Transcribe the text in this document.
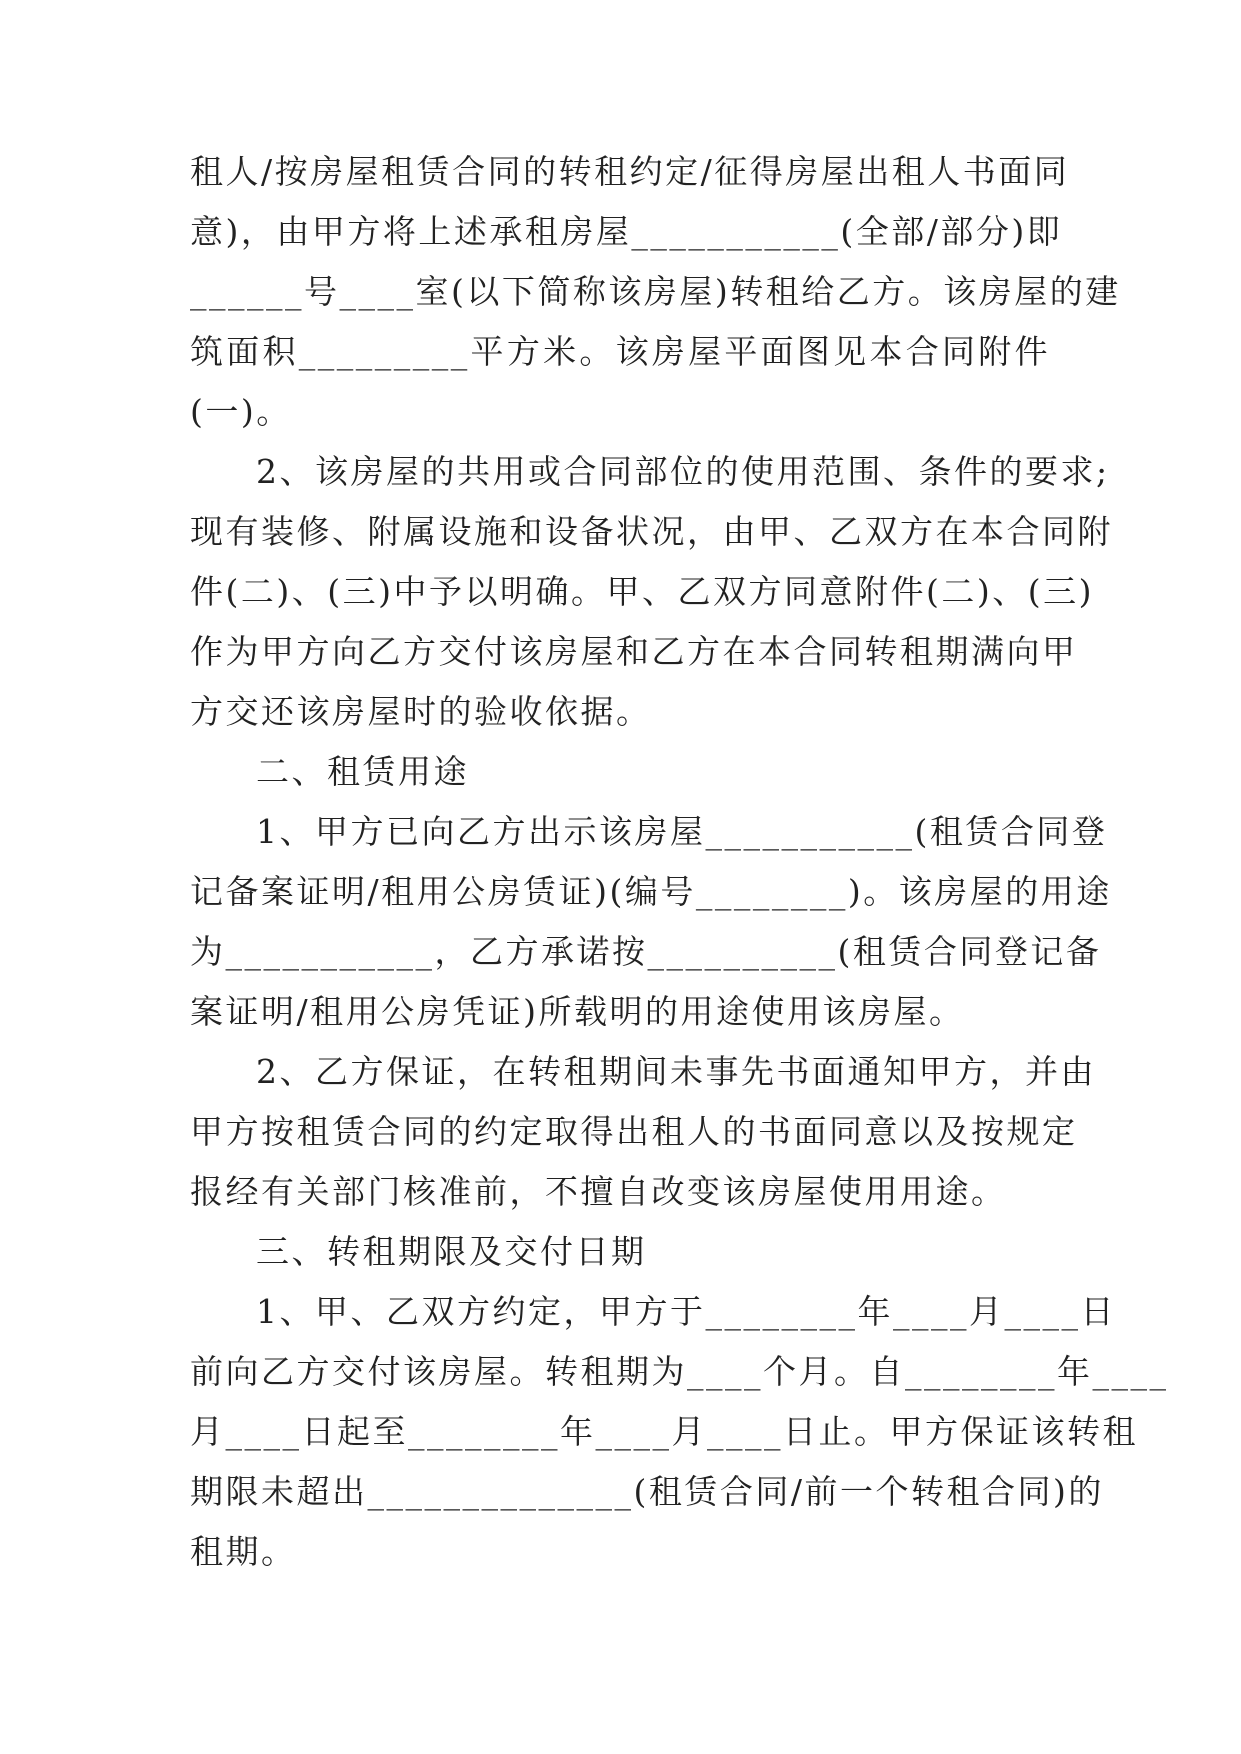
租人/按房屋租赁合同的转租约定/征得房屋出租人书面同
意)，由甲方将上述承租房屋___________(全部/部分)即
______号____室(以下简称该房屋)转租给乙方。该房屋的建
筑面积_________平方米。该房屋平面图见本合同附件
(一)。
2、该房屋的共用或合同部位的使用范围、条件的要求;
现有装修、附属设施和设备状况，由甲、乙双方在本合同附
件(二)、(三)中予以明确。甲、乙双方同意附件(二)、(三)
作为甲方向乙方交付该房屋和乙方在本合同转租期满向甲
方交还该房屋时的验收依据。
二、租赁用途
1、甲方已向乙方出示该房屋___________(租赁合同登
记备案证明/租用公房赁证)(编号________)。该房屋的用途
为___________，乙方承诺按__________(租赁合同登记备
案证明/租用公房凭证)所载明的用途使用该房屋。
2、乙方保证，在转租期间未事先书面通知甲方，并由
甲方按租赁合同的约定取得出租人的书面同意以及按规定
报经有关部门核准前，不擅自改变该房屋使用用途。
三、转租期限及交付日期
1、甲、乙双方约定，甲方于________年____月____日
前向乙方交付该房屋。转租期为____个月。自________年____
月____日起至________年____月____日止。甲方保证该转租
期限未超出______________(租赁合同/前一个转租合同)的
租期。
